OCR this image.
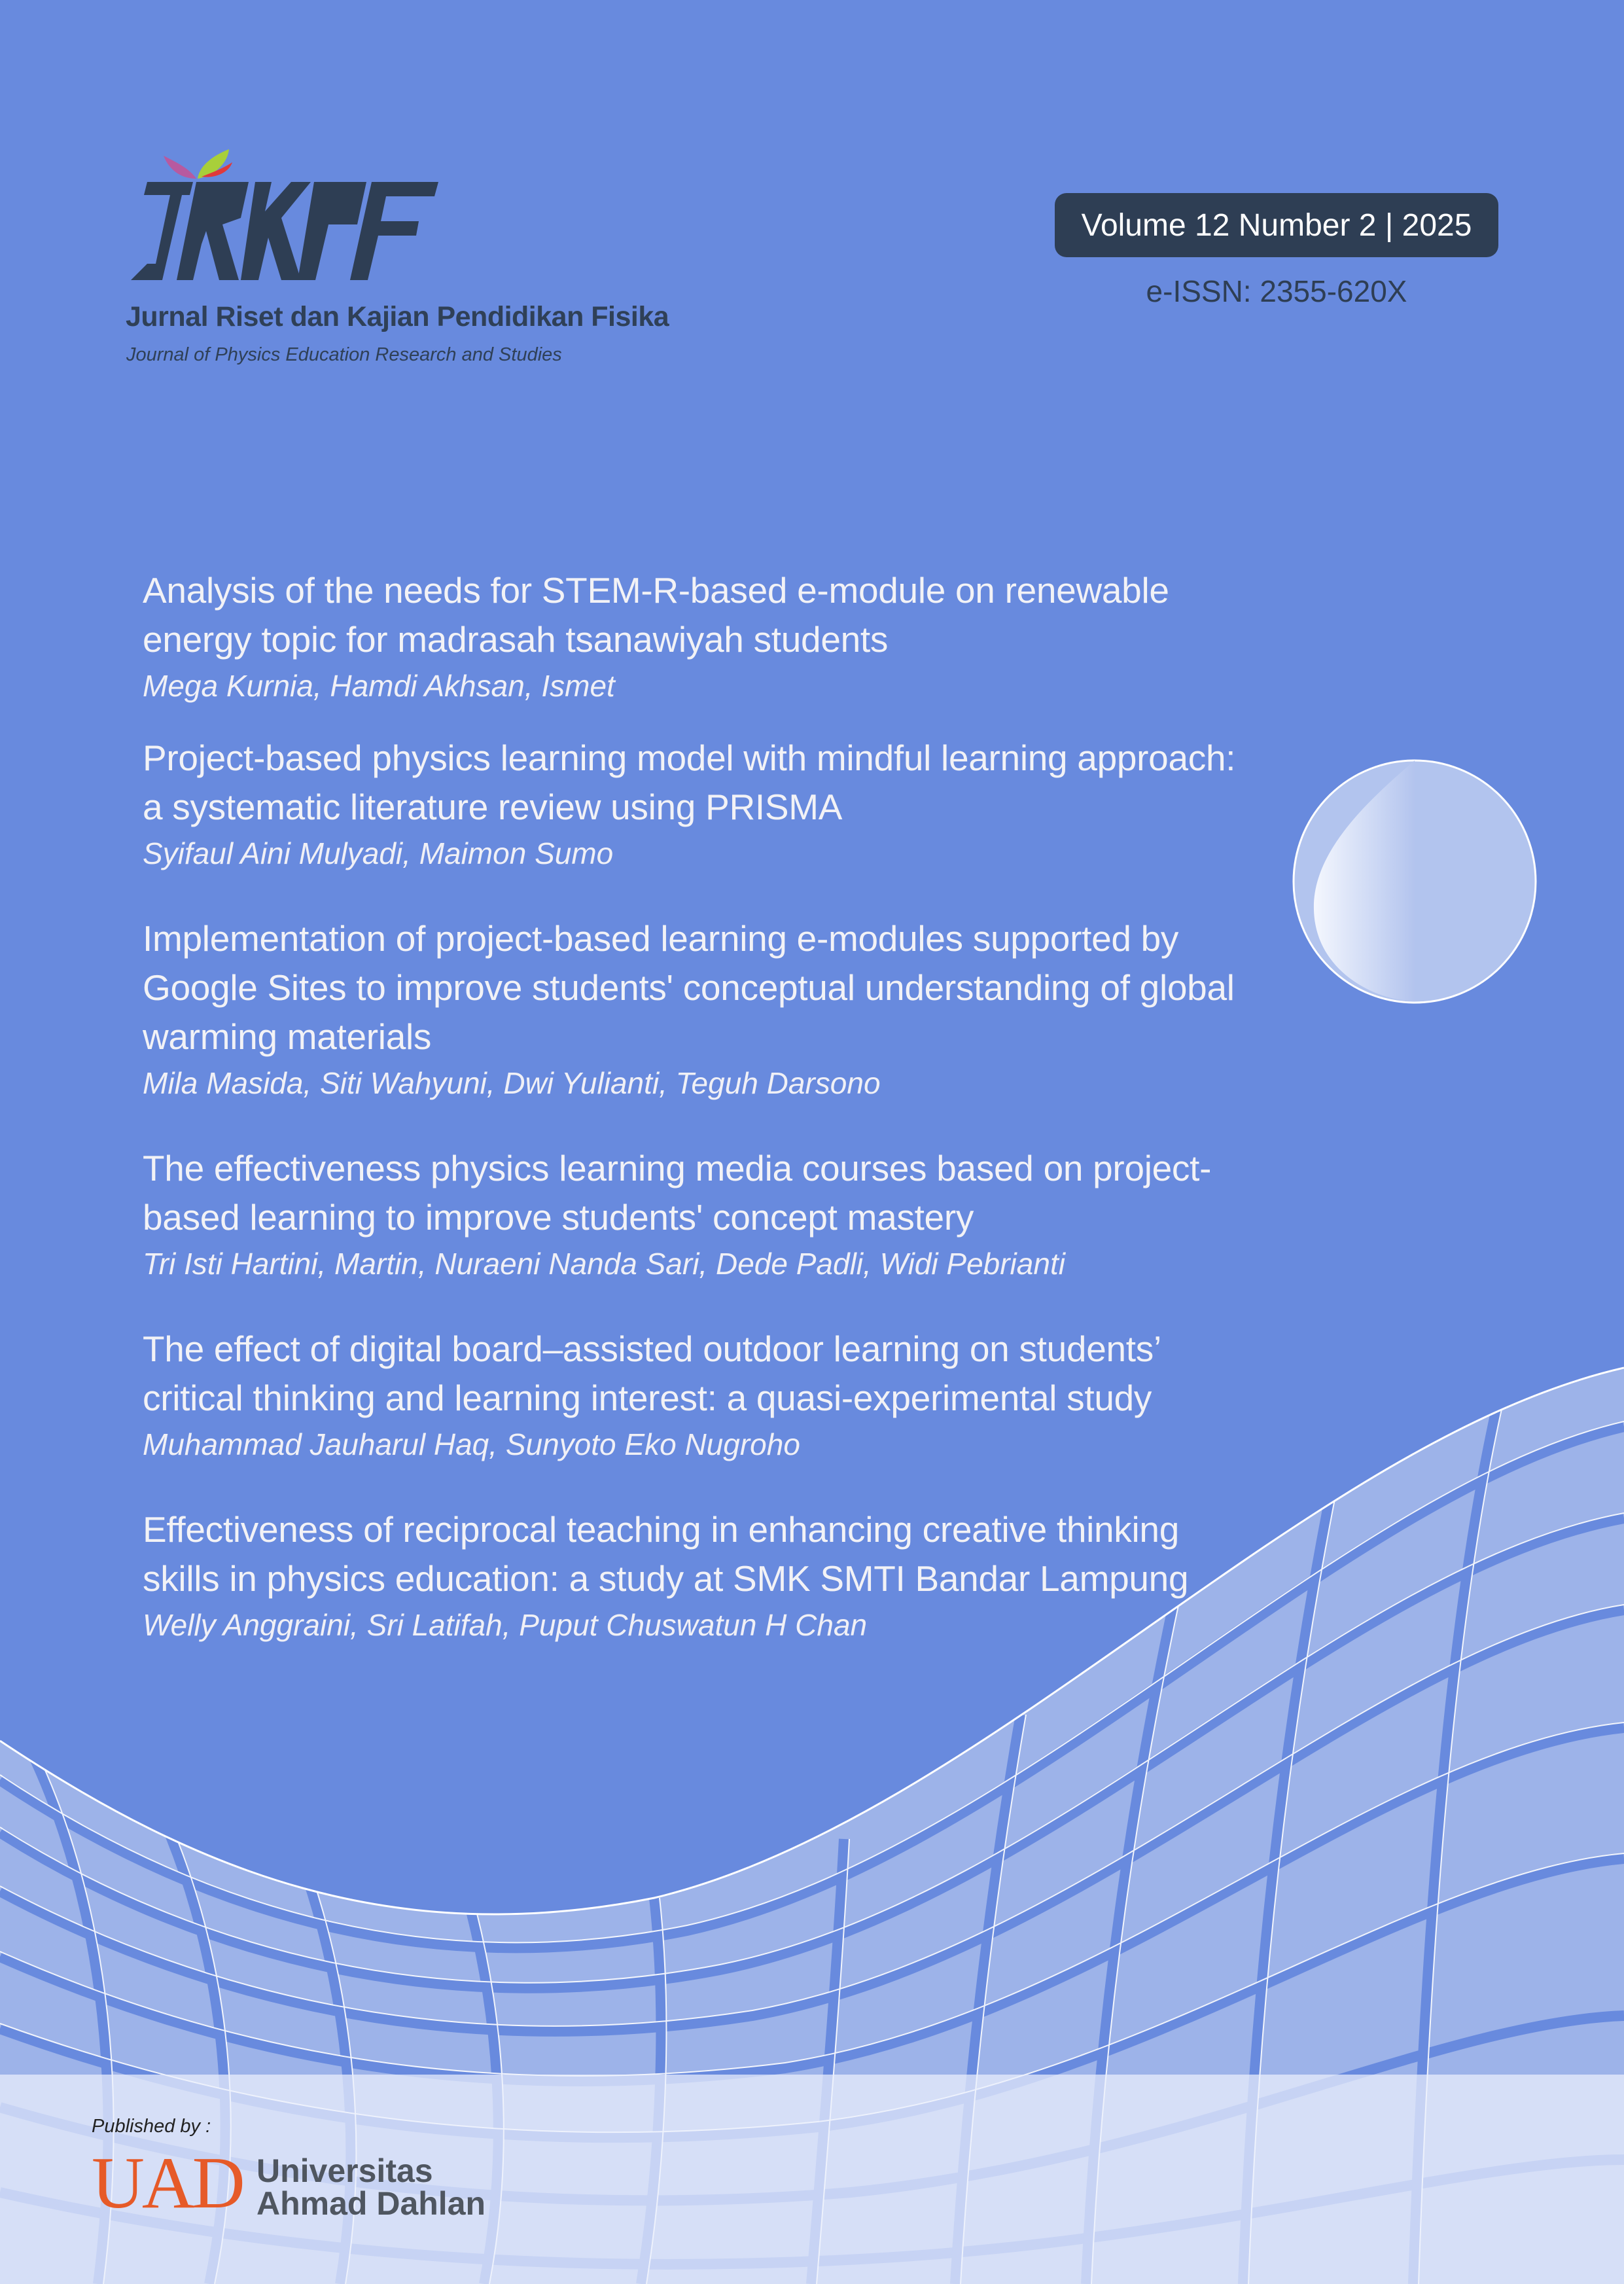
Jurnal Riset dan Kajian Pendidikan Fisika
Journal of Physics Education Research and Studies
Volume 12 Number 2 | 2025
e-ISSN: 2355-620X

Analysis of the needs for STEM-R-based e-module on renewable
energy topic for madrasah tsanawiyah students

Mega Kurnia, Hamdi Akhsan, Ismet

Project-based physics learning model with mindful learning approach:
a systematic literature review using PRISMA

Syifaul Aini Mulyadi, Maimon Sumo

Implementation of project-based learning e-modules supported by
Google Sites to improve students' conceptual understanding of global
warming materials

Mila Masida, Siti Wahyuni, Dwi Yulianti, Teguh Darsono

The effectiveness physics learning media courses based on project-
based learning to improve students' concept mastery

Tri Isti Hartini, Martin, Nuraeni Nanda Sari, Dede Padli, Widi Pebrianti

The effect of digital board–assisted outdoor learning on students’
critical thinking and learning interest: a quasi-experimental study

Muhammad Jauharul Haq, Sunyoto Eko Nugroho

Effectiveness of reciprocal teaching in enhancing creative thinking
skills in physics education: a study at SMK SMTI Bandar Lampung

Welly Anggraini, Sri Latifah, Puput Chuswatun H Chan

Published by :
UAD Universitas
Ahmad Dahlan
